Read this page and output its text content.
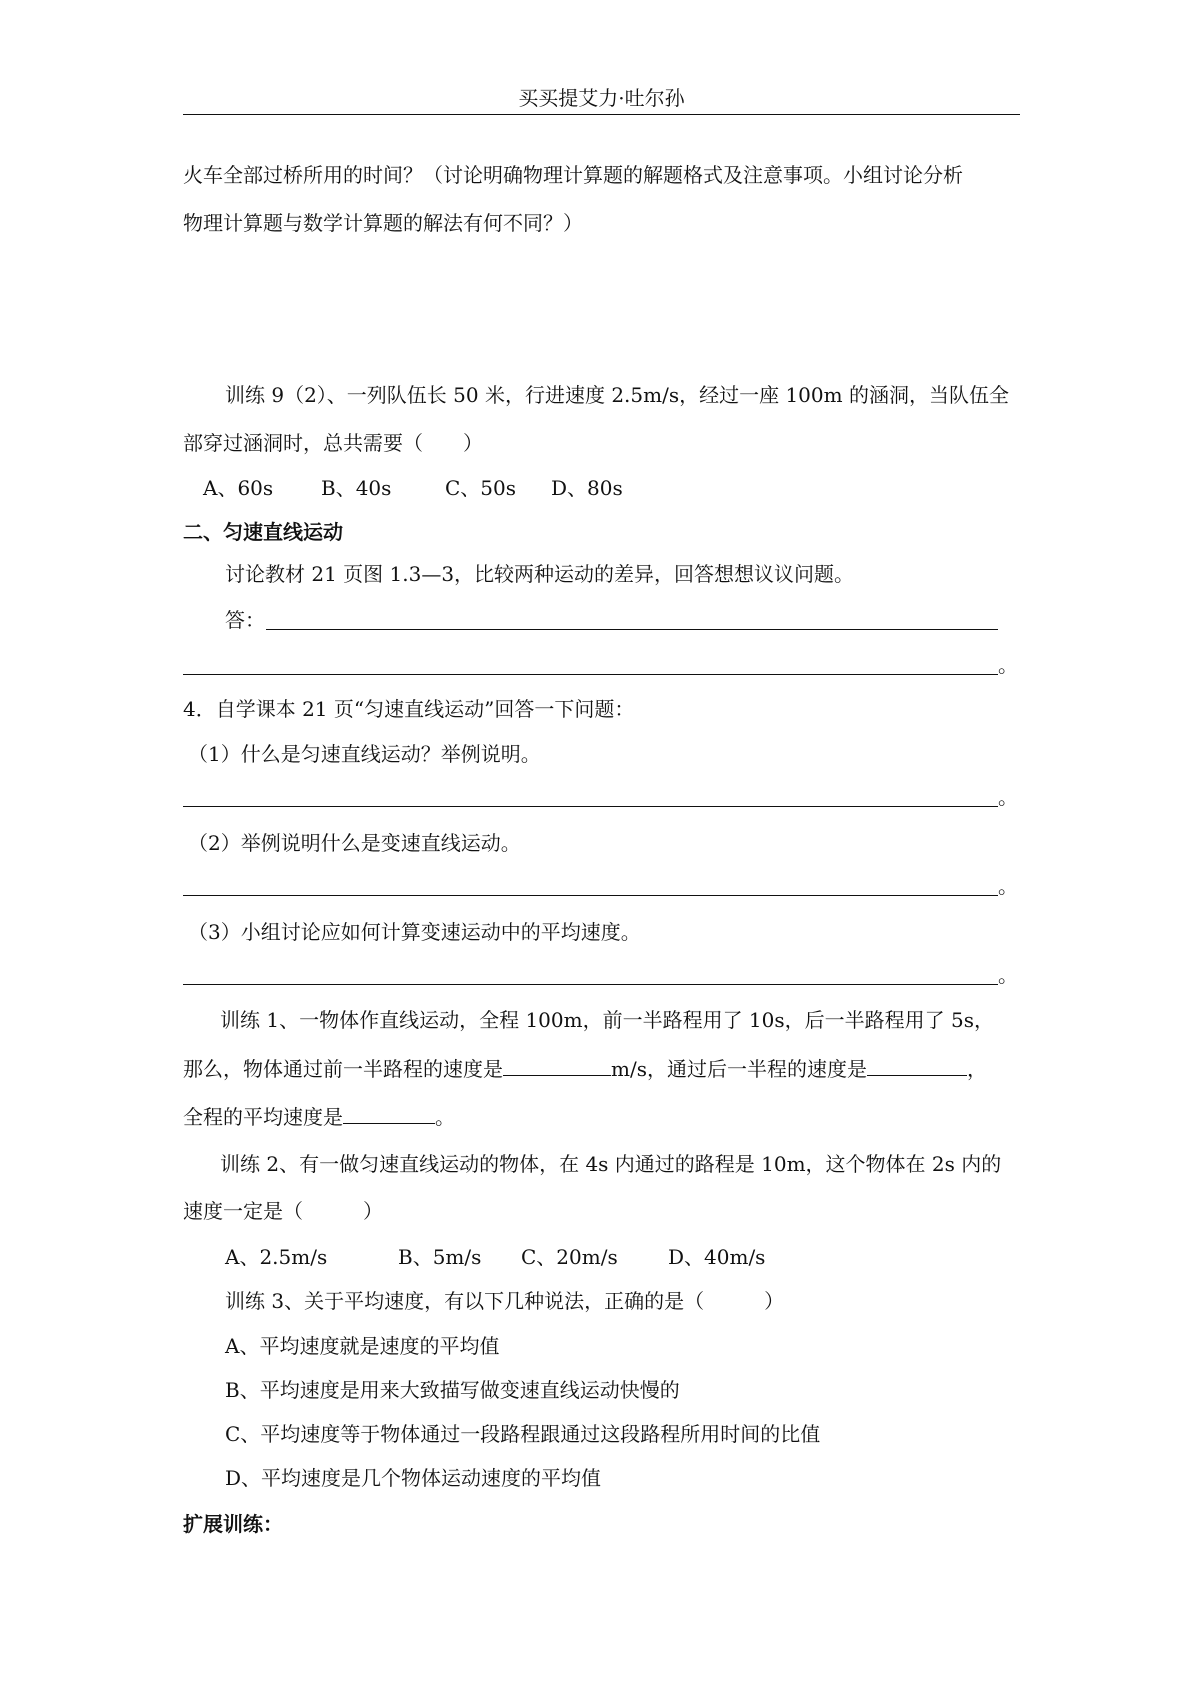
买买提艾力·吐尔孙
火车全部过桥所用的时间？（讨论明确物理计算题的解题格式及注意事项。小组讨论分析
物理计算题与数学计算题的解法有何不同？）
训练 9（2）、一列队伍长 50 米，行进速度 2.5m/s，经过一座 100m 的涵洞，当队伍全
部穿过涵洞时，总共需要（　　）
A、60s B、40s	C、50s D、80s
二、匀速直线运动
讨论教材 21 页图 1.3—3，比较两种运动的差异，回答想想议议问题。
答：
。
4．自学课本 21 页“匀速直线运动”回答一下问题：
（1）什么是匀速直线运动？举例说明。
。
（2）举例说明什么是变速直线运动。
。
（3）小组讨论应如何计算变速运动中的平均速度。
。
训练 1、一物体作直线运动，全程 100m，前一半路程用了 10s，后一半路程用了 5s，
那么，物体通过前一半路程的速度是	m/s，通过后一半程的速度是	，
全程的平均速度是	。
训练 2、有一做匀速直线运动的物体，在 4s 内通过的路程是 10m，这个物体在 2s 内的
速度一定是（　　　）
A、2.5m/s	B、5m/s C、20m/s	D、40m/s
训练 3、关于平均速度，有以下几种说法，正确的是（　　　）
A、平均速度就是速度的平均值
B、平均速度是用来大致描写做变速直线运动快慢的
C、平均速度等于物体通过一段路程跟通过这段路程所用时间的比值
D、平均速度是几个物体运动速度的平均值
扩展训练：
